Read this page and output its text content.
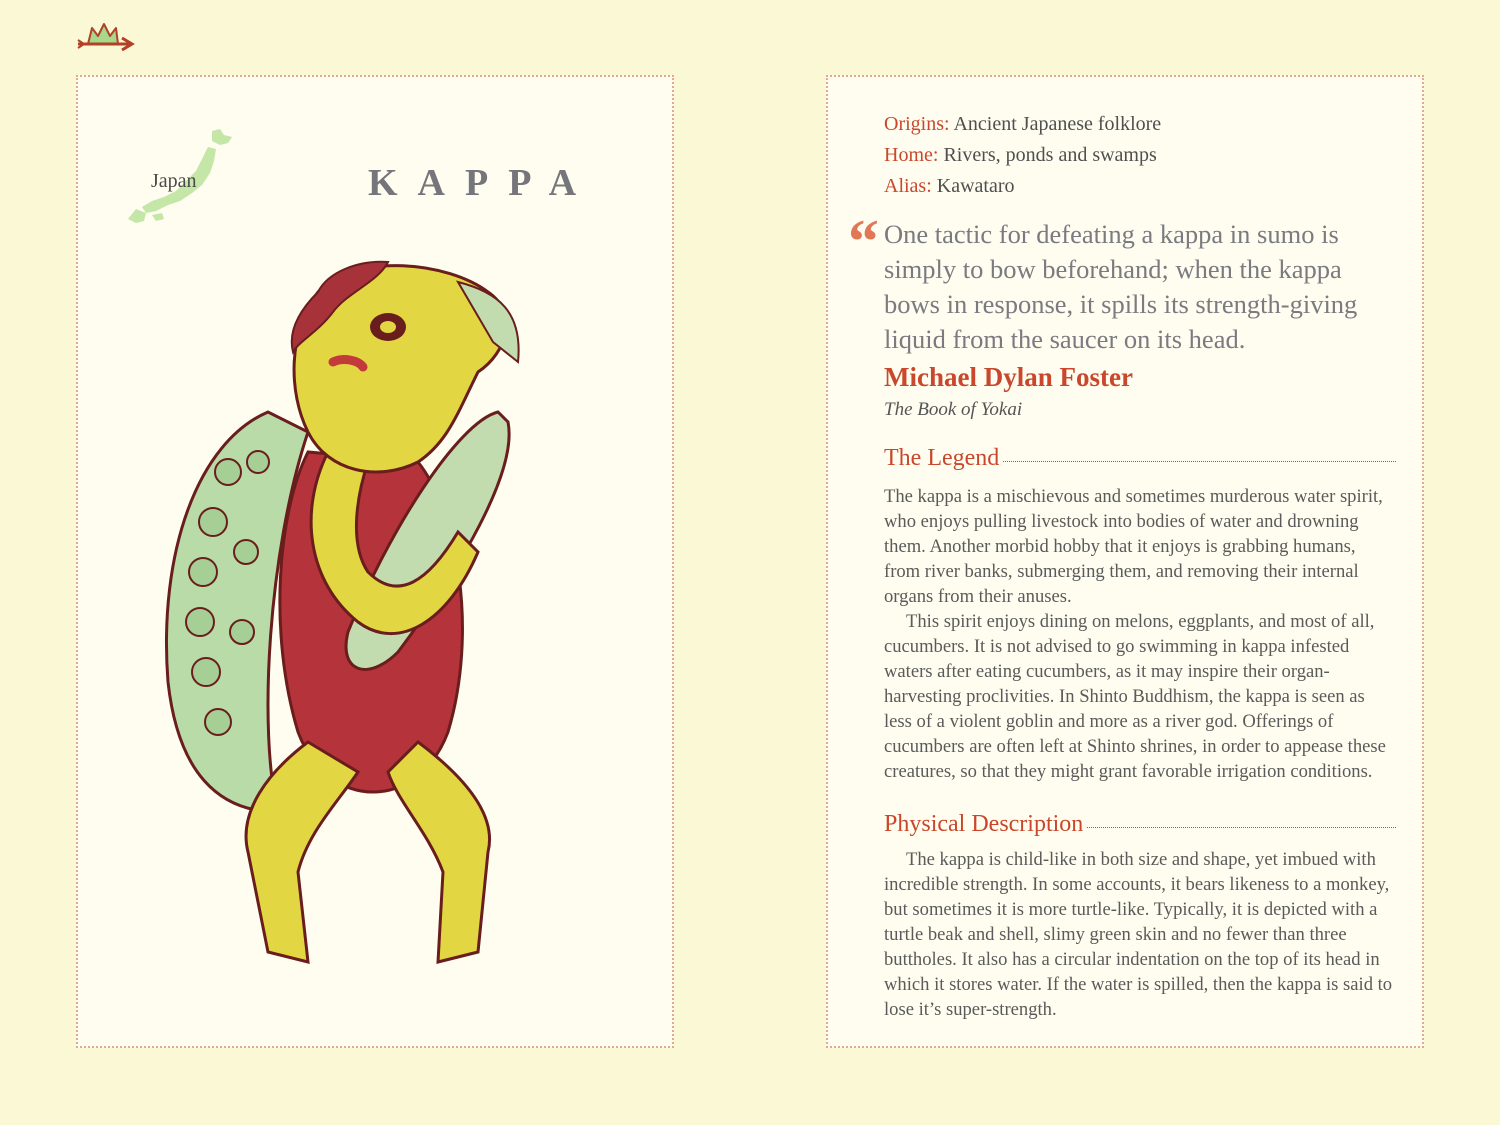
Japan	KAPPA
Origins: Ancient Japanese folklore
Home: Rivers, ponds and swamps
Alias: Kawataro
“ One tactic for defeating a kappa in sumo is simply to bow beforehand; when the kappa bows in response, it spills its strength-giving liquid from the saucer on its head.
Michael Dylan Foster
The Book of Yokai
The Legend

The kappa is a mischievous and sometimes murderous water spirit, who enjoys pulling livestock into bodies of water and drowning them. Another morbid hobby that it enjoys is grabbing humans, from river banks, submerging them, and removing their internal organs from their anuses.

This spirit enjoys dining on melons, eggplants, and most of all, cucumbers. It is not advised to go swimming in kappa infested waters after eating cucumbers, as it may inspire their organ-harvesting proclivities. In Shinto Buddhism, the kappa is seen as less of a violent goblin and more as a river god. Offerings of cucumbers are often left at Shinto shrines, in order to appease these creatures, so that they might grant favorable irrigation conditions.

Physical Description

The kappa is child-like in both size and shape, yet imbued with incredible strength. In some accounts, it bears likeness to a monkey, but sometimes it is more turtle-like. Typically, it is depicted with a turtle beak and shell, slimy green skin and no fewer than three buttholes. It also has a circular indentation on the top of its head in which it stores water. If the water is spilled, then the kappa is said to lose it’s super-strength.
